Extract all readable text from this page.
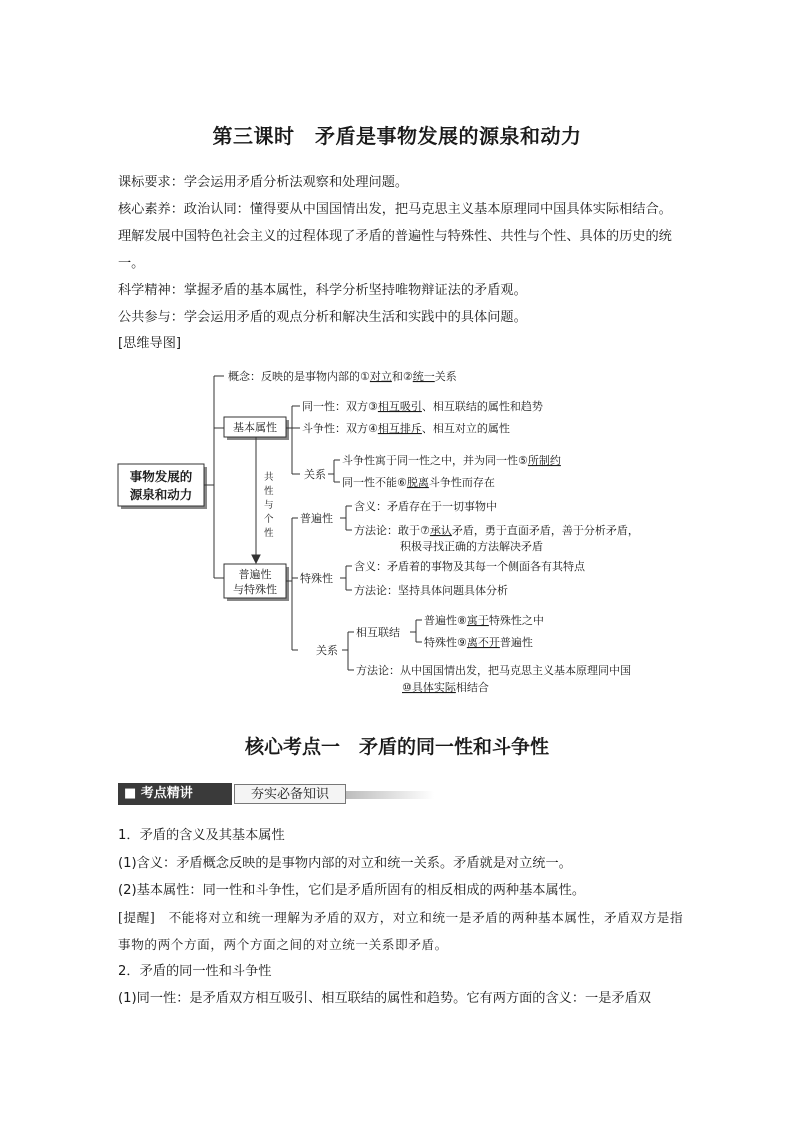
第三课时　矛盾是事物发展的源泉和动力

课标要求：学会运用矛盾分析法观察和处理问题。

核心素养：政治认同：懂得要从中国国情出发，把马克思主义基本原理同中国具体实际相结合。理解发展中国特色社会主义的过程体现了矛盾的普遍性与特殊性、共性与个性、具体的历史的统一。

科学精神：掌握矛盾的基本属性，科学分析坚持唯物辩证法的矛盾观。

公共参与：学会运用矛盾的观点分析和解决生活和实践中的具体问题。

[思维导图]

事物发展的
源泉和动力
概念：反映的是事物内部的①对立和②统一关系
基本属性
同一性：双方③相互吸引、相互联结的属性和趋势
斗争性：双方④相互排斥、相互对立的属性
关系
斗争性寓于同一性之中，并为同一性⑤所制约
同一性不能⑥脱离斗争性而存在
共
性
与
个
性
普遍性
与特殊性
普遍性
含义：矛盾存在于一切事物中
方法论：敢于⑦承认矛盾，勇于直面矛盾，善于分析矛盾，
积极寻找正确的方法解决矛盾
特殊性
含义：矛盾着的事物及其每一个侧面各有其特点
方法论：坚持具体问题具体分析
关系
相互联结
普遍性⑧寓于特殊性之中
特殊性⑨离不开普遍性
方法论：从中国国情出发，把马克思主义基本原理同中国
⑩具体实际相结合
核心考点一　矛盾的同一性和斗争性
■ 考点精讲	夯实必备知识

1．矛盾的含义及其基本属性

(1)含义：矛盾概念反映的是事物内部的对立和统一关系。矛盾就是对立统一。

(2)基本属性：同一性和斗争性，它们是矛盾所固有的相反相成的两种基本属性。

[提醒]　不能将对立和统一理解为矛盾的双方，对立和统一是矛盾的两种基本属性，矛盾双方是指事物的两个方面，两个方面之间的对立统一关系即矛盾。

2．矛盾的同一性和斗争性

(1)同一性：是矛盾双方相互吸引、相互联结的属性和趋势。它有两方面的含义：一是矛盾双
